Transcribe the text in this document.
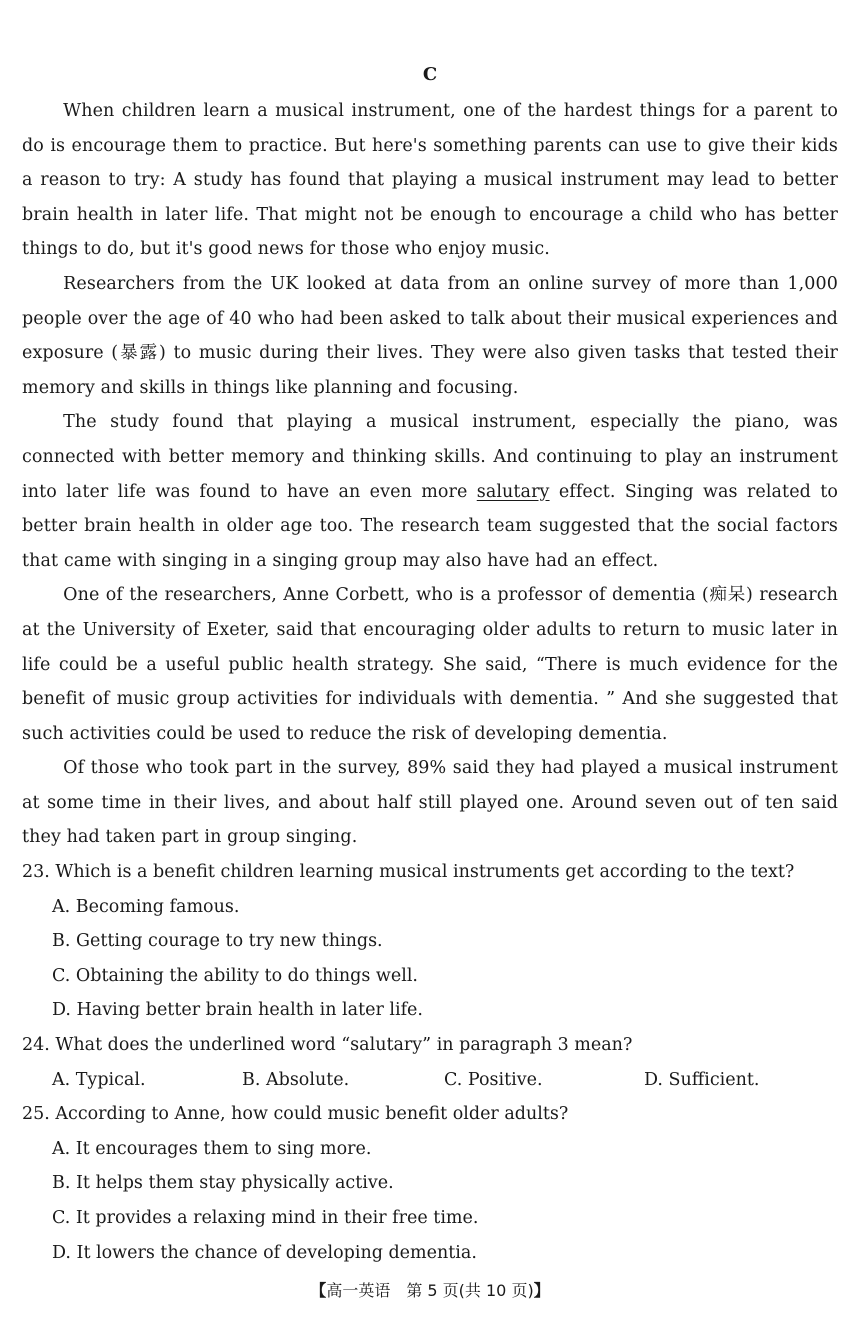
C

When children learn a musical instrument, one of the hardest things for a parent to do is encourage them to practice. But here's something parents can use to give their kids a reason to try: A study has found that playing a musical instrument may lead to better brain health in later life. That might not be enough to encourage a child who has better things to do, but it's good news for those who enjoy music.

Researchers from the UK looked at data from an online survey of more than 1,000 people over the age of 40 who had been asked to talk about their musical experiences and exposure (暴露) to music during their lives. They were also given tasks that tested their memory and skills in things like planning and focusing.

The study found that playing a musical instrument, especially the piano, was connected with better memory and thinking skills. And continuing to play an instrument into later life was found to have an even more salutary effect. Singing was related to better brain health in older age too. The research team suggested that the social factors that came with singing in a singing group may also have had an effect.

One of the researchers, Anne Corbett, who is a professor of dementia (痴呆) research at the University of Exeter, said that encouraging older adults to return to music later in life could be a useful public health strategy. She said, “There is much evidence for the benefit of music group activities for individuals with dementia. ” And she suggested that such activities could be used to reduce the risk of developing dementia.

Of those who took part in the survey, 89% said they had played a musical instrument at some time in their lives, and about half still played one. Around seven out of ten said they had taken part in group singing.

23. Which is a benefit children learning musical instruments get according to the text?

A. Becoming famous.

B. Getting courage to try new things.

C. Obtaining the ability to do things well.

D. Having better brain health in later life.

24. What does the underlined word “salutary” in paragraph 3 mean?

A. Typical.	B. Absolute.	C. Positive.	D. Sufficient.

25. According to Anne, how could music benefit older adults?

A. It encourages them to sing more.

B. It helps them stay physically active.

C. It provides a relaxing mind in their free time.

D. It lowers the chance of developing dementia.

【高一英语　第 5 页(共 10 页)】
